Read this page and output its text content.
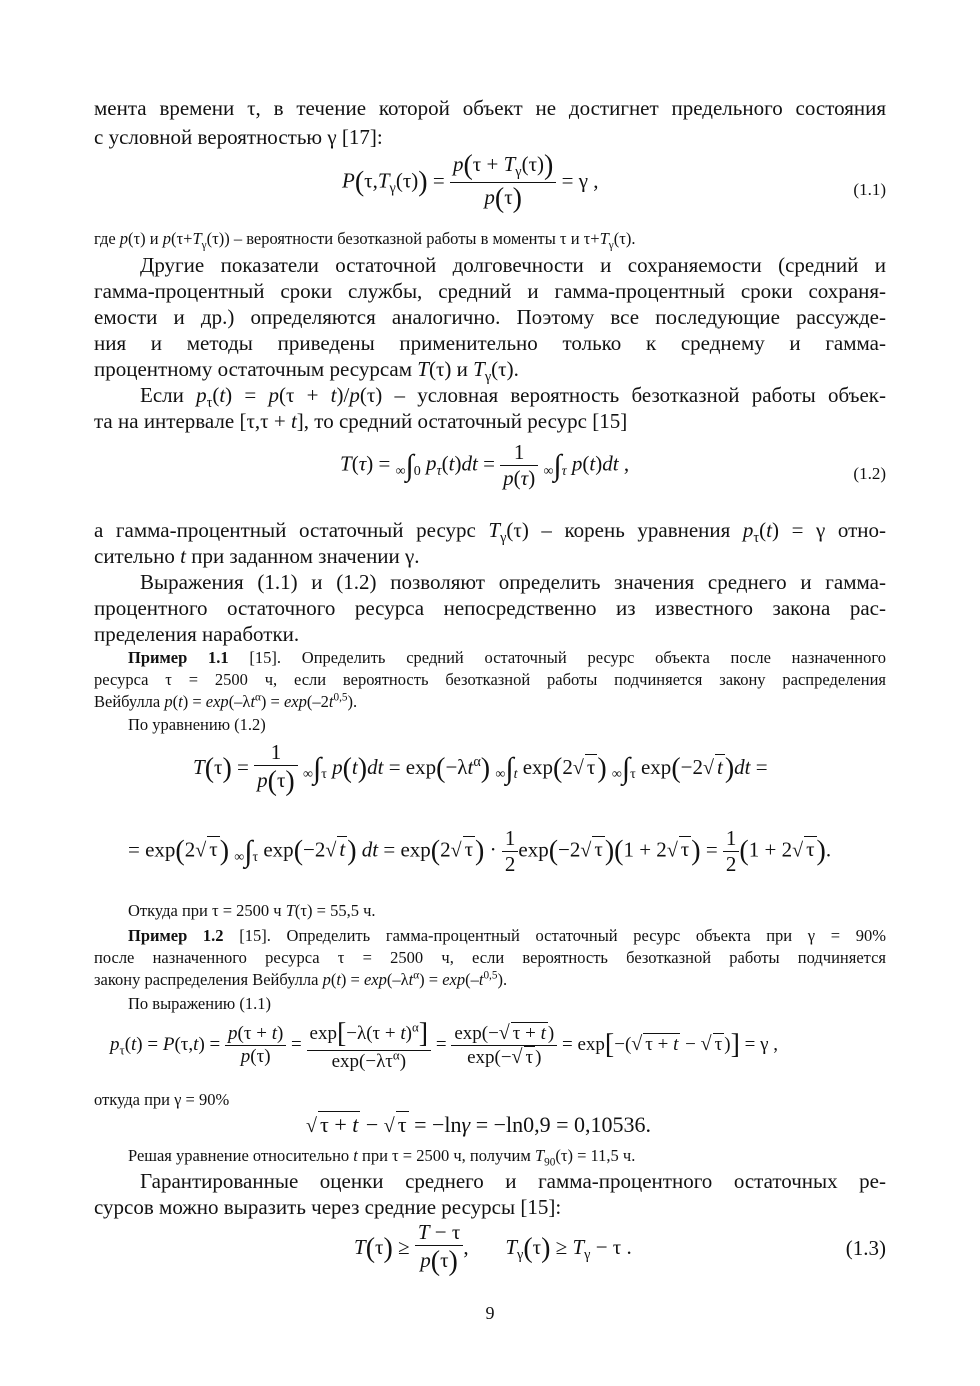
мента времени τ, в течение которой объект не достигнет предельного состояния
с условной вероятностью γ [17]:
$P(\tau,T_\gamma(\tau)) = \frac{p(\tau + T_\gamma(\tau))}{p(\tau)} = \gamma$ ,	(1.1)
где p(τ) и $p(\tau+T_\gamma(\tau))$ – вероятности безотказной работы в моменты τ и $\tau+T_\gamma(\tau)$.
Другие показатели остаточной долговечности и сохраняемости (средний и
гамма-процентный сроки службы, средний и гамма-процентный сроки сохраня-
емости и др.) определяются аналогично. Поэтому все последующие рассужде-
ния и методы приведены применительно только к среднему и гамма-
процентному остаточным ресурсам T(τ) и $T_\gamma(\tau)$.
Если $p_\tau(t) = p(\tau + t)/p(\tau)$ – условная вероятность безотказной работы объек-
та на интервале [τ,τ + t], то средний остаточный ресурс [15]
T(τ) = ∞∫0 $p_\tau(t)dt = \frac{1}{p(\tau)} \infty\int\tau$ p(t)dt ,	(1.2)
а гамма-процентный остаточный ресурс $T_\gamma(\tau)$ – корень уравнения $p_\tau(t) = \gamma$ отно-
сительно t при заданном значении γ.
Выражения (1.1) и (1.2) позволяют определить значения среднего и гамма-
процентного остаточного ресурса непосредственно из известного закона рас-
пределения наработки.
Пример 1.1 [15]. Определить средний остаточный ресурс объекта после назначенного
ресурса τ = 2500 ч, если вероятность безотказной работы подчиняется закону распределения
Вейбулла $p(t) = \exp(-\lambda t^\alpha) = \exp(-2t^{0,5})$.
По уравнению (1.2)
$T(\tau) = \frac{1}{p(\tau)} \infty\int\tau$ $p(t)dt = \exp(-\lambda t^\alpha)$ ∞∫t exp(2√ τ) ∞∫τ exp(−2√ t)dt =
= exp(2√ τ) ∞∫τ exp(−2√ t) dt = exp(2√ $\tau) \cdot \frac{1}{2} \exp(-2√$ τ)(1 + 2√ $\tau) = \frac{1}{2} (1 + 2√$ τ).
Откуда при τ = 2500 ч T(τ) = 55,5 ч.
Пример 1.2 [15]. Определить гамма-процентный остаточный ресурс объекта при γ = 90%
после назначенного ресурса τ = 2500 ч, если вероятность безотказной работы подчиняется
закону распределения Вейбулла $p(t) = \exp(-\lambda t^\alpha) = \exp(-t^{0,5})$.
По выражению (1.1)
$p_\tau(t) = P(\tau,t) = \frac{p(\tau + t)}{p(\tau)} = \frac{\exp[-\lambda(\tau + t)^\alpha]}{\exp(-\lambda\tau^\alpha)} = \frac{\exp(-√ \tau + t )}{\exp(-√ \tau )} = \exp[-(√$ τ + t − √ τ )] = γ ,
откуда при γ = 90%
√ τ + t − √ τ = −lnγ = −ln0,9 = 0,10536.
Решая уравнение относительно t при τ = 2500 ч, получим $T_{90}(\tau) = 11,5$ ч.
Гарантированные оценки среднего и гамма-процентного остаточных ре-
сурсов можно выразить через средние ресурсы [15]:
$T(\tau) \ge \frac{T - \tau}{p(\tau)}$ ,       $T_\gamma(\tau) \ge T_\gamma - \tau$ .	(1.3)
9
